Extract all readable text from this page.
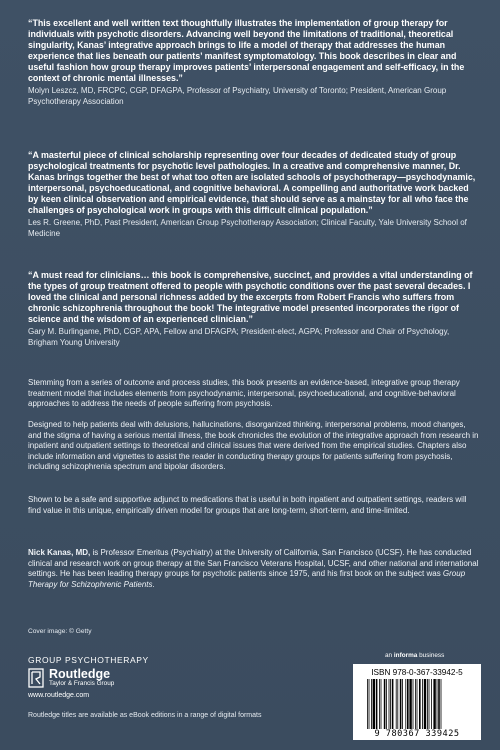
“This excellent and well written text thoughtfully illustrates the implementation of group therapy for individuals with psychotic disorders. Advancing well beyond the limitations of traditional, theoretical singularity, Kanas’ integrative approach brings to life a model of therapy that addresses the human experience that lies beneath our patients’ manifest symptomatology. This book describes in clear and useful fashion how group therapy improves patients’ interpersonal engagement and self-efficacy, in the context of chronic mental illnesses.”

Molyn Leszcz, MD, FRCPC, CGP, DFAGPA, Professor of Psychiatry, University of Toronto; President, American Group Psychotherapy Association

“A masterful piece of clinical scholarship representing over four decades of dedicated study of group psychological treatments for psychotic level pathologies. In a creative and comprehensive manner, Dr. Kanas brings together the best of what too often are isolated schools of psychotherapy—psychodynamic, interpersonal, psychoeducational, and cognitive behavioral. A compelling and authoritative work backed by keen clinical observation and empirical evidence, that should serve as a mainstay for all who face the challenges of psychological work in groups with this difficult clinical population.”

Les R. Greene, PhD, Past President, American Group Psychotherapy Association; Clinical Faculty, Yale University School of Medicine

“A must read for clinicians… this book is comprehensive, succinct, and provides a vital understanding of the types of group treatment offered to people with psychotic conditions over the past several decades. I loved the clinical and personal richness added by the excerpts from Robert Francis who suffers from chronic schizophrenia throughout the book! The integrative model presented incorporates the rigor of science and the wisdom of an experienced clinician.”

Gary M. Burlingame, PhD, CGP, APA, Fellow and DFAGPA; President-elect, AGPA; Professor and Chair of Psychology, Brigham Young University

Stemming from a series of outcome and process studies, this book presents an evidence-based, integrative group therapy treatment model that includes elements from psychodynamic, interpersonal, psychoeducational, and cognitive-behavioral approaches to address the needs of people suffering from psychosis.

Designed to help patients deal with delusions, hallucinations, disorganized thinking, interpersonal problems, mood changes, and the stigma of having a serious mental illness, the book chronicles the evolution of the integrative approach from research in inpatient and outpatient settings to theoretical and clinical issues that were derived from the empirical studies. Chapters also include information and vignettes to assist the reader in conducting therapy groups for patients suffering from psychosis, including schizophrenia spectrum and bipolar disorders.

Shown to be a safe and supportive adjunct to medications that is useful in both inpatient and outpatient settings, readers will find value in this unique, empirically driven model for groups that are long-term, short-term, and time-limited.

Nick Kanas, MD, is Professor Emeritus (Psychiatry) at the University of California, San Francisco (UCSF). He has conducted clinical and research work on group therapy at the San Francisco Veterans Hospital, UCSF, and other national and international settings. He has been leading therapy groups for psychotic patients since 1975, and his first book on the subject was Group Therapy for Schizophrenic Patients.

Cover image: © Getty

GROUP PSYCHOTHERAPY
Routledge
Taylor & Francis Group
www.routledge.com
Routledge titles are available as eBook editions in a range of digital formats
an informa business
ISBN 978-0-367-33942-5
9 780367 339425
